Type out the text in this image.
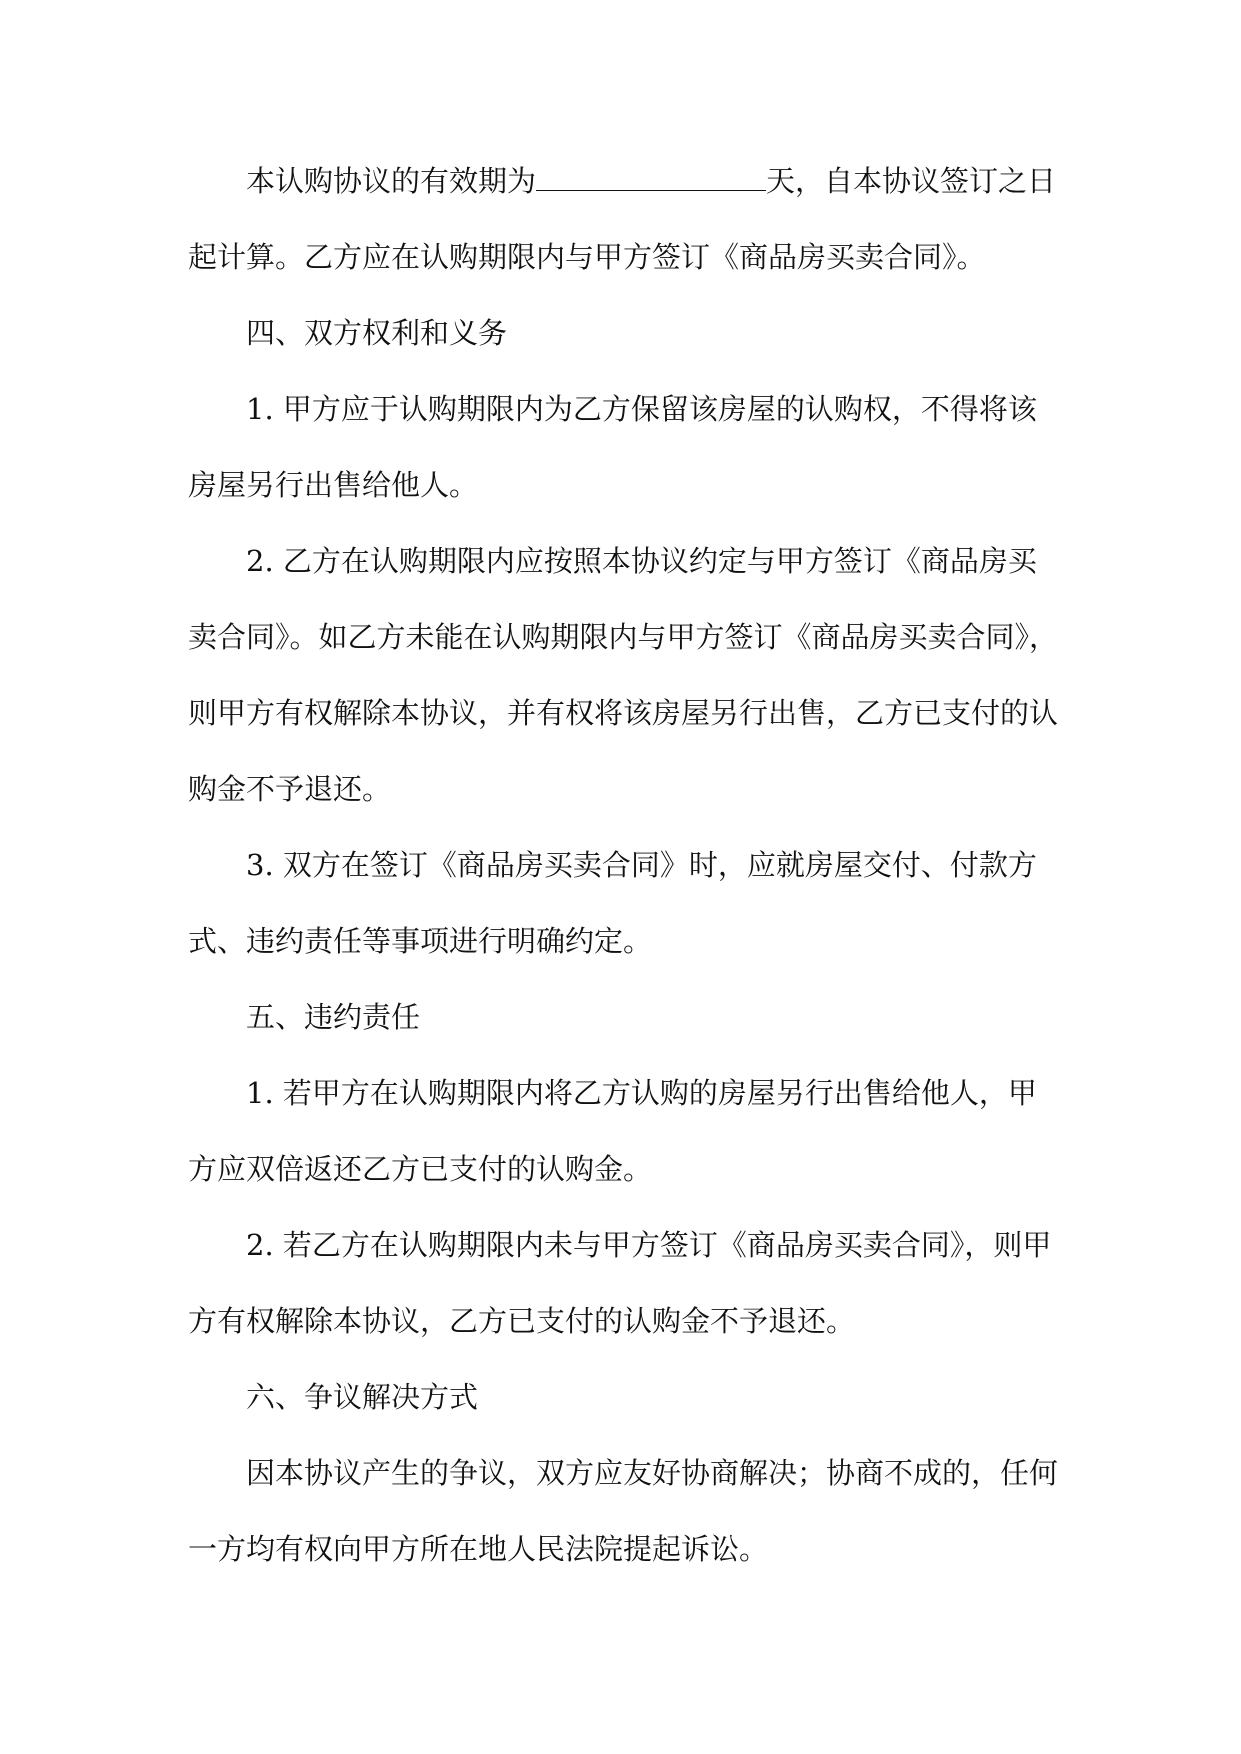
本认购协议的有效期为	天，自本协议签订之日起计算。乙方应在认购期限内与甲方签订《商品房买卖合同》。

四、双方权利和义务

1. 甲方应于认购期限内为乙方保留该房屋的认购权，不得将该房屋另行出售给他人。

2. 乙方在认购期限内应按照本协议约定与甲方签订《商品房买卖合同》。如乙方未能在认购期限内与甲方签订《商品房买卖合同》，则甲方有权解除本协议，并有权将该房屋另行出售，乙方已支付的认购金不予退还。

3. 双方在签订《商品房买卖合同》时，应就房屋交付、付款方式、违约责任等事项进行明确约定。

五、违约责任

1. 若甲方在认购期限内将乙方认购的房屋另行出售给他人，甲方应双倍返还乙方已支付的认购金。

2. 若乙方在认购期限内未与甲方签订《商品房买卖合同》，则甲方有权解除本协议，乙方已支付的认购金不予退还。

六、争议解决方式

因本协议产生的争议，双方应友好协商解决；协商不成的，任何一方均有权向甲方所在地人民法院提起诉讼。
